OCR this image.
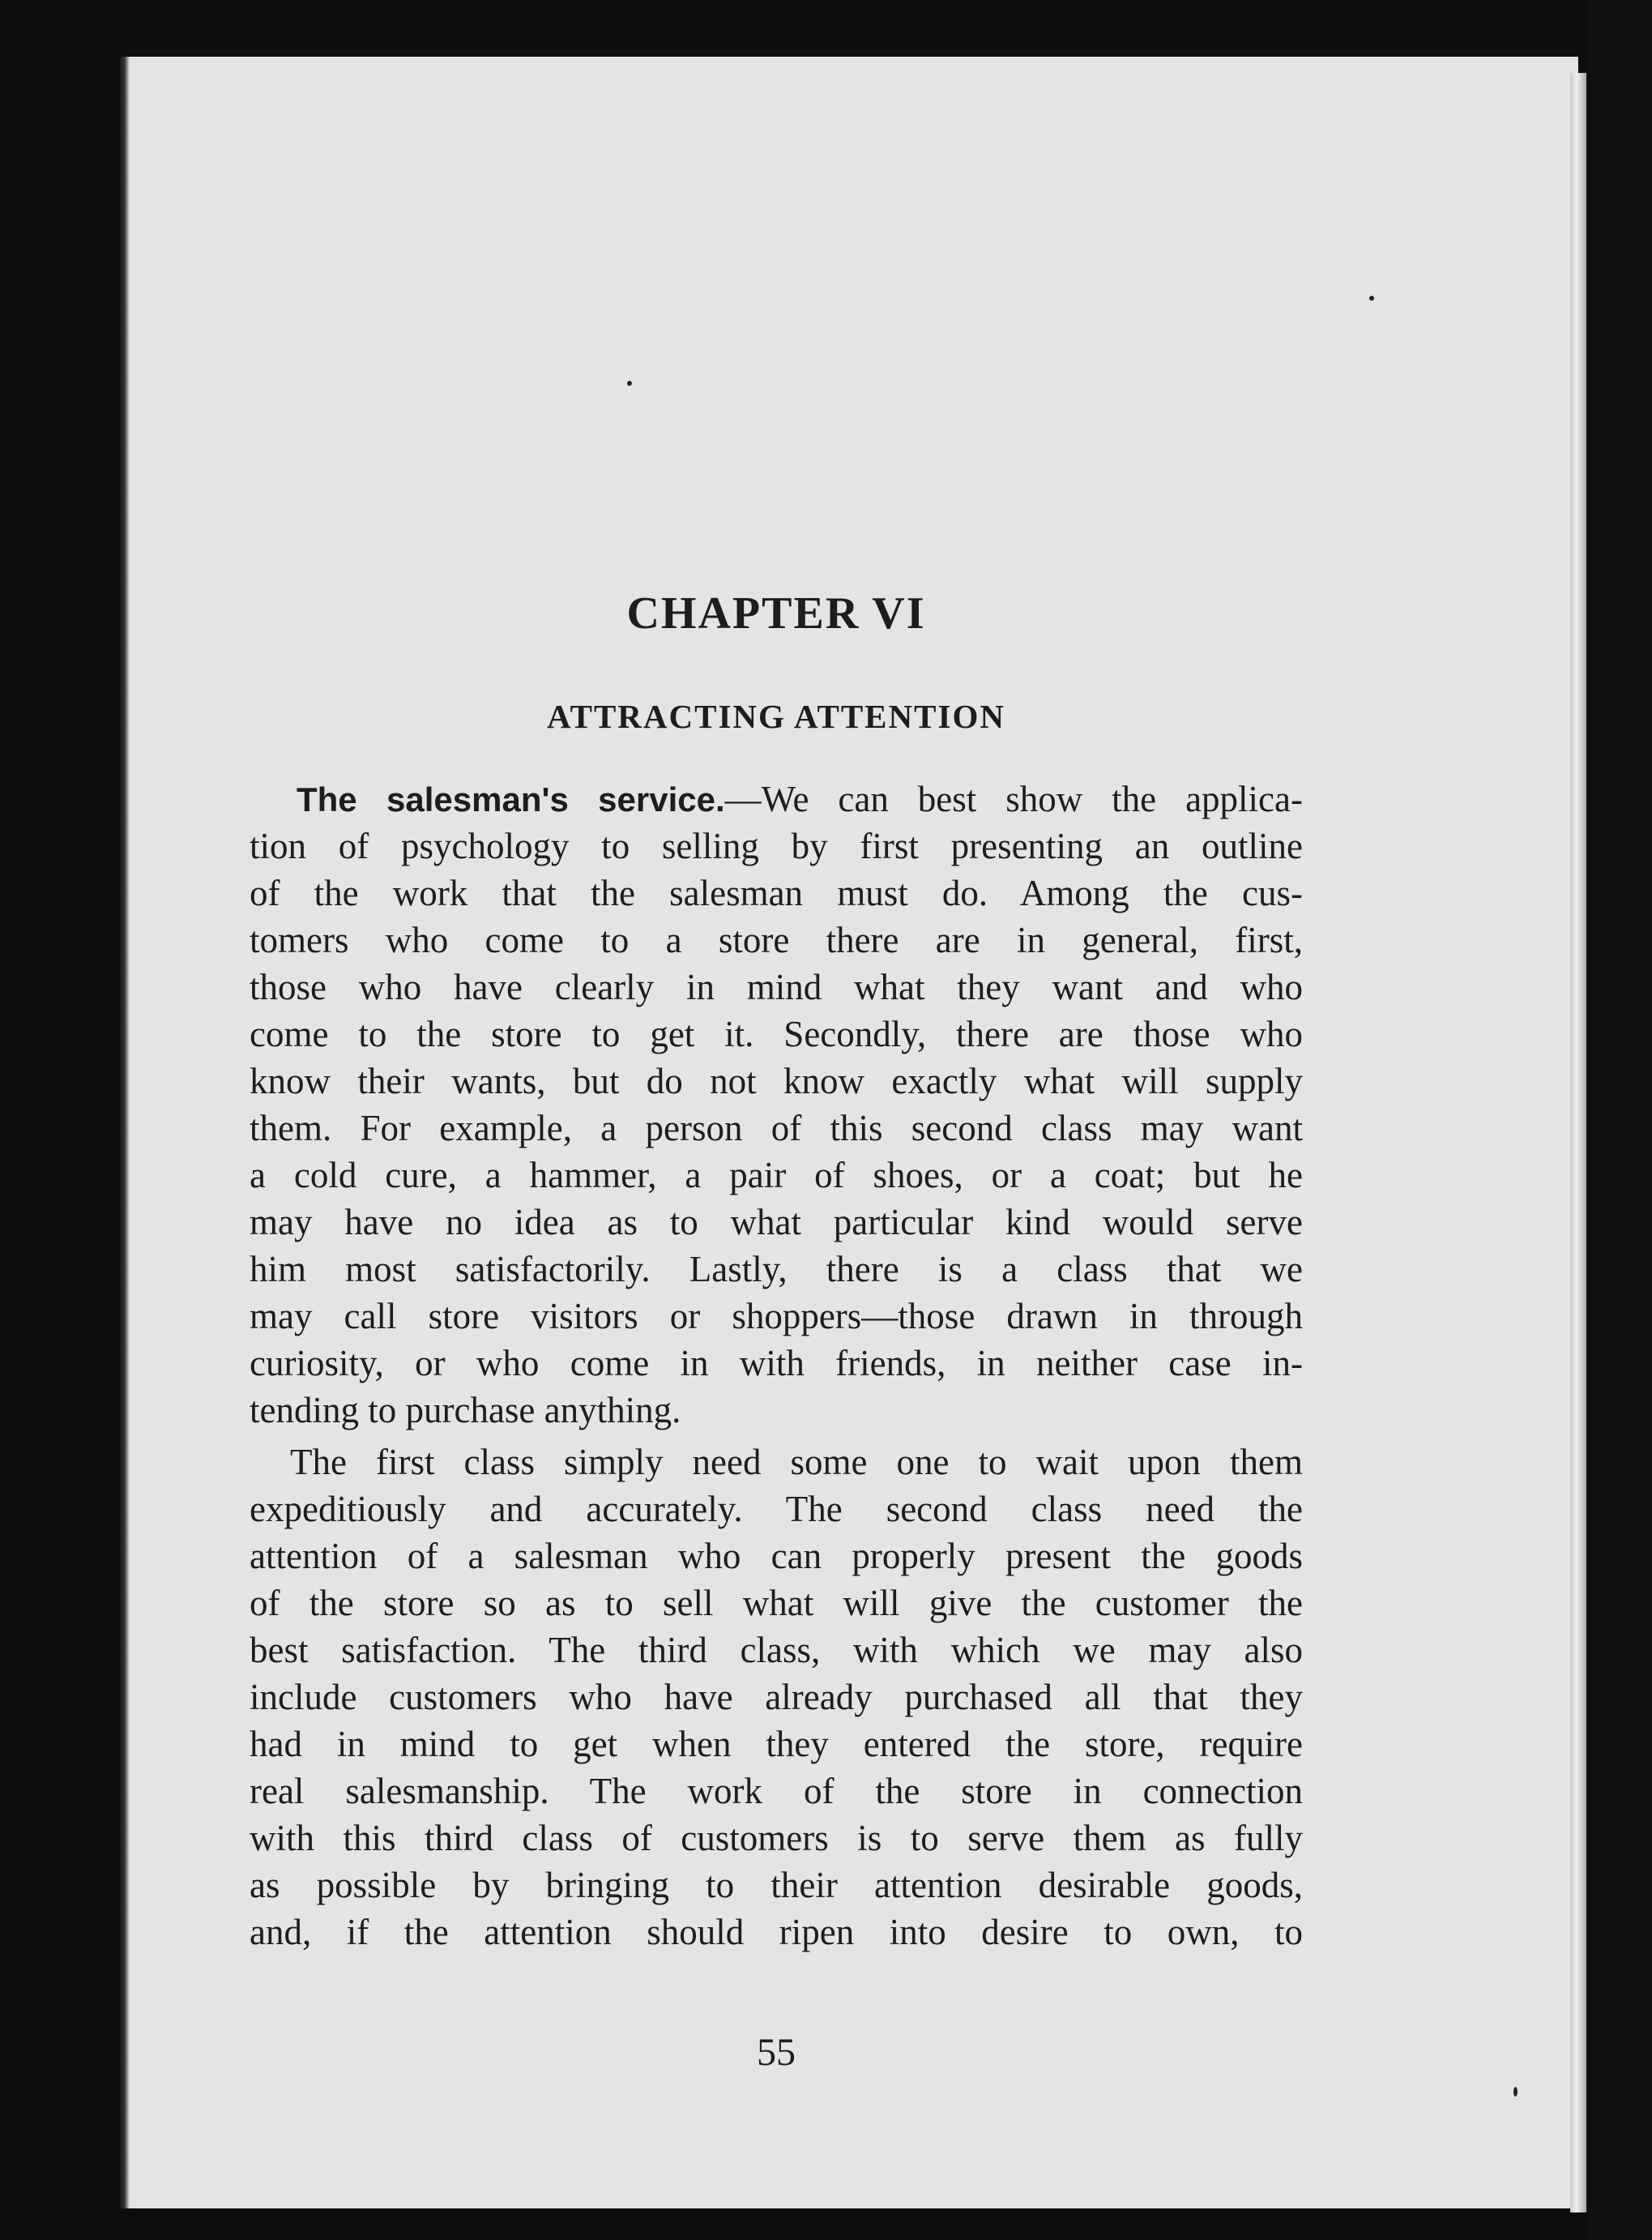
CHAPTER VI
ATTRACTING ATTENTION
The salesman's service.—We can best show the applica-
tion of psychology to selling by first presenting an outline
of the work that the salesman must do. Among the cus-
tomers who come to a store there are in general, first,
those who have clearly in mind what they want and who
come to the store to get it. Secondly, there are those who
know their wants, but do not know exactly what will supply
them. For example, a person of this second class may want
a cold cure, a hammer, a pair of shoes, or a coat; but he
may have no idea as to what particular kind would serve
him most satisfactorily. Lastly, there is a class that we
may call store visitors or shoppers—those drawn in through
curiosity, or who come in with friends, in neither case in-
tending to purchase anything.
The first class simply need some one to wait upon them
expeditiously and accurately. The second class need the
attention of a salesman who can properly present the goods
of the store so as to sell what will give the customer the
best satisfaction. The third class, with which we may also
include customers who have already purchased all that they
had in mind to get when they entered the store, require
real salesmanship. The work of the store in connection
with this third class of customers is to serve them as fully
as possible by bringing to their attention desirable goods,
and, if the attention should ripen into desire to own, to
55
